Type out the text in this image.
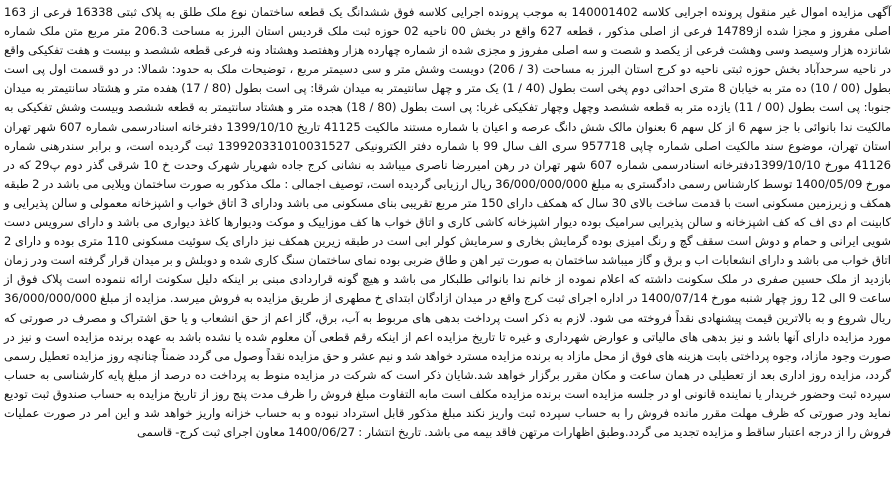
آگهی مزایده اموال غیر منقول پرونده اجرایی کلاسه 140001402 به موجب پرونده اجرایی کلاسه فوق ششدانگ یک قطعه ساختمان نوع ملک طلق به پلاک ثبتی 16338 فرعی از 163 اصلی مفروز و مجزا شده از14789 فرعی از اصلی مذکور ، قطعه 627 واقع در بخش 00 ناحیه 02 حوزه ثبت ملک قردیس استان البرز به مساحت 206.3 متر مربع متن ملک شماره شانزده هزار وسیصد وسی وهشت فرعی از یکصد و شصت و سه اصلی مفروز و مجزی شده از شماره چهارده هزار وهفتصد وهشتاد ونه فرعی قطعه ششصد و بیست و هفت تفکیکی واقع در ناحیه سرحدآباد بخش حوزه ثبتی ناحیه دو کرج استان البرز به مساحت (3 / 206) دویست وشش متر و سی دسیمتر مربع ، توضیحات ملک به حدود: شمالا: در دو قسمت اول پی است بطول (00 / 10) ده متر به خیابان 8 متری احداثی دوم پخی است بطول (40 / 1) یک متر و چهل سانتیمتر به میدان شرقا: پی است بطول (80 / 17) هفده متر و هشتاد سانتیمتر به میدان جنوبا: پی است بطول (00 / 11) یازده متر به قطعه ششصد وچهل وچهار تفکیکی غربا: پی است بطول (80 / 18) هجده متر و هشتاد سانتیمتر به قطعه ششصد وبیست وشش تفکیکی به مالکیت ندا بانوائی با جز سهم 6 از کل سهم 6 بعنوان مالک شش دانگ عرصه و اعیان با شماره مستند مالکیت 41125 تاریخ 1399/10/10 دفترخانه اسنادرسمی شماره 607 شهر تهران استان تهران، موضوع سند مالکیت اصلی شماره چاپی 957718 سری الف سال 99 با شماره دفتر الکترونیکی 139920331010031527 ثبت گردیده است، و برابر سندرهنی شماره 41126 مورخ 1399/10/10دفترخانه اسنادرسمی شماره 607 شهر تهران در رهن امیررضا ناصری میباشد به نشانی کرج جاده شهریار شهرک وحدت خ 10 شرقی گذر دوم پ29 که در مورخ 1400/05/09 توسط کارشناس رسمی دادگستری به مبلغ 36/000/000/000 ریال ارزیابی گردیده است، توصیف اجمالی : ملک مذکور به صورت ساختمان ویلایی می باشد در 2 طبقه همکف و زیرزمین مسکونی است با قدمت ساخت بالای 30 سال که همکف دارای 150 متر مربع تقریبی بنای مسکونی می باشد ودارای 3 اتاق خواب و اشپزخانه معمولی و سالن پذیرایی و کابینت ام دی اف که کف اشپزخانه و سالن پذیرایی سرامیک بوده دیوار اشپزخانه کاشی کاری و اتاق خواب ها کف موزاییک و موکت ودیوارها کاغذ دیواری می باشد و دارای سرویس دست شویی ایرانی و حمام و دوش است سقف گچ و رنگ امیزی بوده گرمایش بخاری و سرمایش کولر ابی است در طبقه زیرین همکف نیز دارای یک سوئیت مسکونی 110 متری بوده و دارای 2 اتاق خواب می باشد و دارای انشعابات اب و برق و گاز میباشد ساختمان به صورت تیر اهن و طاق ضربی بوده نمای ساختمان سنگ کاری شده و دوبلش و بر میدان قرار گرفته است ودر زمان بازدید از ملک حسین صفری در ملک سکونت داشته که اعلام نموده از خانم ندا بانوائی طلبکار می باشد و هیچ گونه قراردادی مبنی بر اینکه دلیل سکونت ارائه ننموده است پلاک فوق از ساعت 9 الی 12 روز چهار شنبه مورخ 1400/07/14 در اداره اجرای ثبت کرج واقع در میدان ازادگان ابتدای خ مطهری از طریق مزایده به فروش میرسد. مزایده از مبلغ 36/000/000/000 ریال شروع و به بالاترین قیمت پیشنهادی نقداً فروخته می شود. لازم به ذکر است پرداخت بدهی های مربوط به آب، برق، گاز اعم از حق انشعاب و یا حق اشتراک و مصرف در صورتی که مورد مزایده دارای آنها باشد و نیز بدهی های مالیاتی و عوارض شهرداری و غیره تا تاریخ مزایده اعم از اینکه رقم قطعی آن معلوم شده یا نشده باشد به عهده برنده مزایده است و نیز در صورت وجود مازاد، وجوه پرداختی بابت هزینه های فوق از محل مازاد به برنده مزایده مسترد خواهد شد و نیم عشر و حق مزایده نقداً وصول می گردد ضمناً چنانچه روز مزایده تعطیل رسمی گردد، مزایده روز اداری بعد از تعطیلی در همان ساعت و مکان مقرر برگزار خواهد شد.شایان ذکر است که شرکت در مزایده منوط به پرداخت ده درصد از مبلغ پایه کارشناسی به حساب سپرده ثبت وحضور خریدار یا نماینده قانونی او در جلسه مزایده است برنده مزایده مکلف است مابه التفاوت مبلغ فروش را ظرف مدت پنج روز از تاریخ مزایده به حساب صندوق ثبت تودیع نماید ودر صورتی که ظرف مهلت مقرر مانده فروش را به حساب سپرده ثبت واریز نکند مبلغ مذکور قابل استرداد نبوده و به حساب خزانه واریز خواهد شد و این امر در صورت عملیات فروش را از درجه اعتبار ساقط و مزایده تجدید می گردد.وطبق اظهارات مرتهن فاقد بیمه می باشد. تاریخ انتشار : 1400/06/27 معاون اجرای ثبت کرج- قاسمی
